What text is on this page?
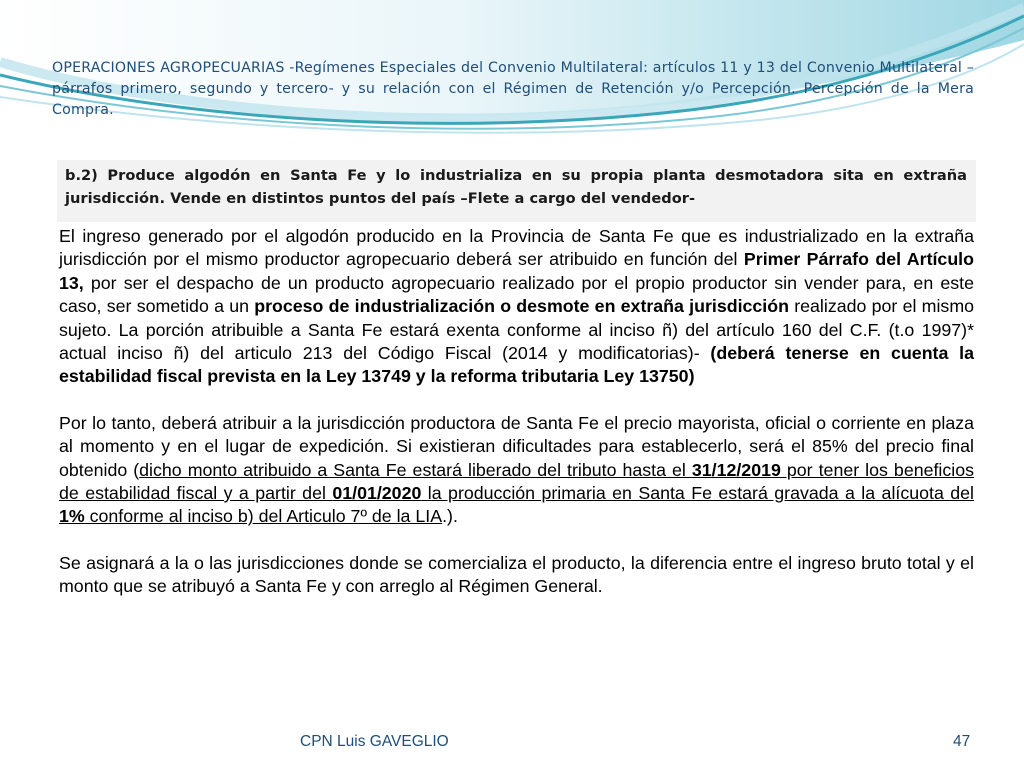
OPERACIONES AGROPECUARIAS -Regímenes Especiales del Convenio Multilateral: artículos 11 y 13 del Convenio Multilateral –párrafos primero, segundo y tercero- y su relación con el Régimen de Retención y/o Percepción. Percepción de la Mera Compra.
b.2) Produce algodón en Santa Fe y lo industrializa en su propia planta desmotadora sita en extraña jurisdicción. Vende en distintos puntos del país –Flete a cargo del vendedor-

El ingreso generado por el algodón producido en la Provincia de Santa Fe que es industrializado en la extraña jurisdicción por el mismo productor agropecuario deberá ser atribuido en función del Primer Párrafo del Artículo 13, por ser el despacho de un producto agropecuario realizado por el propio productor sin vender para, en este caso, ser sometido a un proceso de industrialización o desmote en extraña jurisdicción realizado por el mismo sujeto. La porción atribuible a Santa Fe estará exenta conforme al inciso ñ) del artículo 160 del C.F. (t.o 1997)* actual inciso ñ) del articulo 213 del Código Fiscal (2014 y modificatorias)- (deberá tenerse en cuenta la estabilidad fiscal prevista en la Ley 13749 y la reforma tributaria Ley 13750)

Por lo tanto, deberá atribuir a la jurisdicción productora de Santa Fe el precio mayorista, oficial o corriente en plaza al momento y en el lugar de expedición. Si existieran dificultades para establecerlo, será el 85% del precio final obtenido (dicho monto atribuido a Santa Fe estará liberado del tributo hasta el 31/12/2019 por tener los beneficios de estabilidad fiscal y a partir del 01/01/2020 la producción primaria en Santa Fe estará gravada a la alícuota del 1% conforme al inciso b) del Articulo 7º de la LIA.).

Se asignará a la o las jurisdicciones donde se comercializa el producto, la diferencia entre el ingreso bruto total y el monto que se atribuyó a Santa Fe y con arreglo al Régimen General.

CPN Luis GAVEGLIO	47
